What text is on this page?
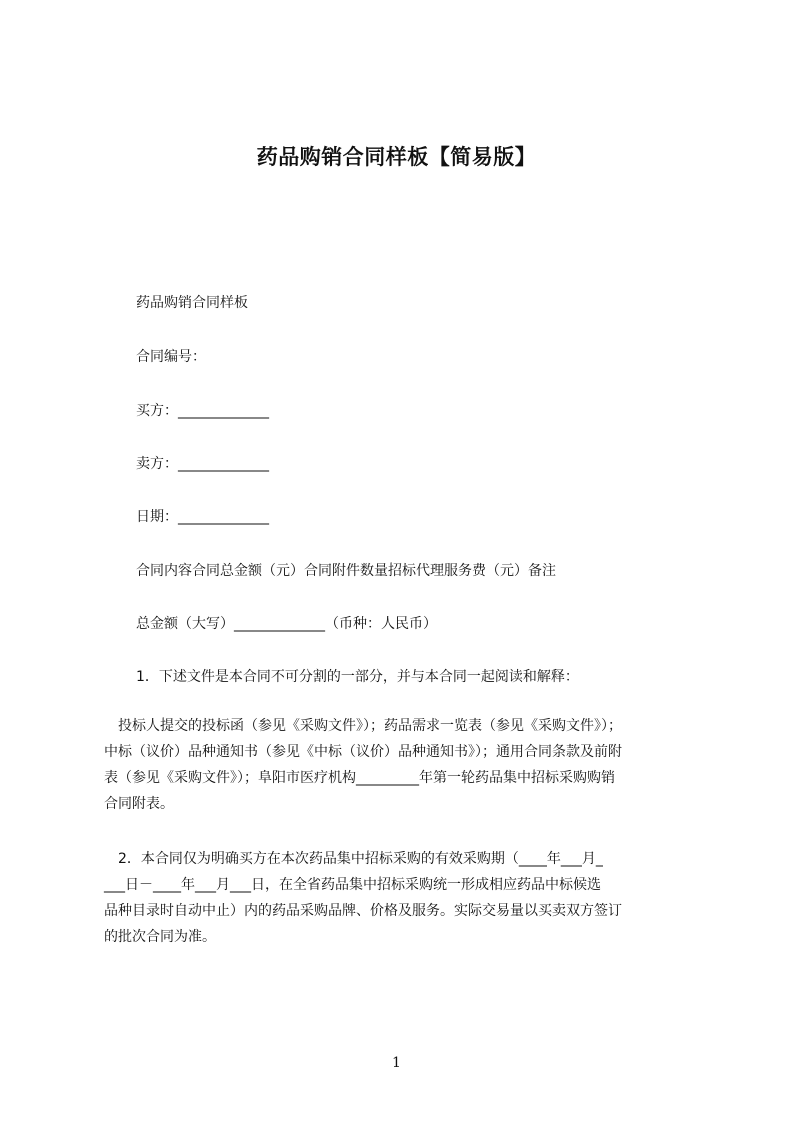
药品购销合同样板【简易版】
药品购销合同样板
合同编号：
买方：_____________
卖方：_____________
日期：_____________
合同内容合同总金额（元）合同附件数量招标代理服务费（元）备注
总金额（大写）_____________（币种：人民币）
1．下述文件是本合同不可分割的一部分，并与本合同一起阅读和解释：
　投标人提交的投标函（参见《采购文件》）；药品需求一览表（参见《采购文件》）；
中标（议价）品种通知书（参见《中标（议价）品种通知书》）；通用合同条款及前附
表（参见《采购文件》）；阜阳市医疗机构_________年第一轮药品集中招标采购购销
合同附表。
　2．本合同仅为明确买方在本次药品集中招标采购的有效采购期（____年___月_
___日－____年___月___日，在全省药品集中招标采购统一形成相应药品中标候选
品种目录时自动中止）内的药品采购品牌、价格及服务。实际交易量以买卖双方签订
的批次合同为准。
1
